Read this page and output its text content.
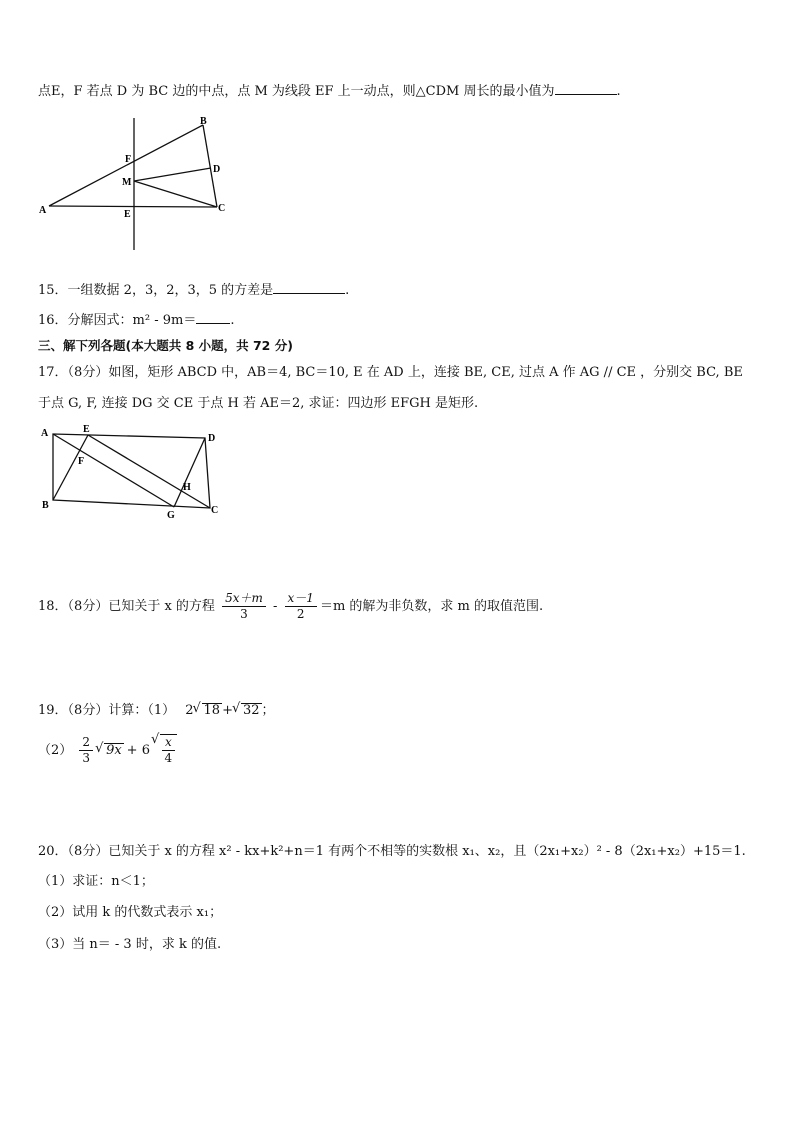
点E，F 若点 D 为 BC 边的中点，点 M 为线段 EF 上一动点，则△CDM 周长的最小值为	.
B
F
D
M
A	E
C
15．一组数据 2，3，2，3，5 的方差是	.
16．分解因式：m² - 9m＝	.
三、解下列各题(本大题共 8 小题，共 72 分)
17．（8分）如图，矩形 ABCD 中，AB＝4, BC＝10, E 在 AD 上，连接 BE, CE, 过点 A 作 AG // CE ，分别交 BC, BE
于点 G, F, 连接 DG 交 CE 于点 H 若 AE＝2, 求证：四边形 EFGH 是矩形.
A	E
D
F
H
B
G	C
18．（8分）已知关于 x 的方程 $\frac{5x+m}{3} - \frac{x-1}{2} =m$ 的解为非负数，求 m 的取值范围.
19．（8分）计算：（1） 2 √ 18 + √ 32 ；
$(2) \frac{2}{3}$ √ 9x + 6 √ $\frac{x}{4}$
20．（8分）已知关于 x 的方程 x² - kx+k²+n＝1 有两个不相等的实数根 x₁、x₂，且（2x₁+x₂）² - 8（2x₁+x₂）+15＝1.
（1）求证：n＜1；
（2）试用 k 的代数式表示 x₁；
（3）当 n＝ - 3 时，求 k 的值.
